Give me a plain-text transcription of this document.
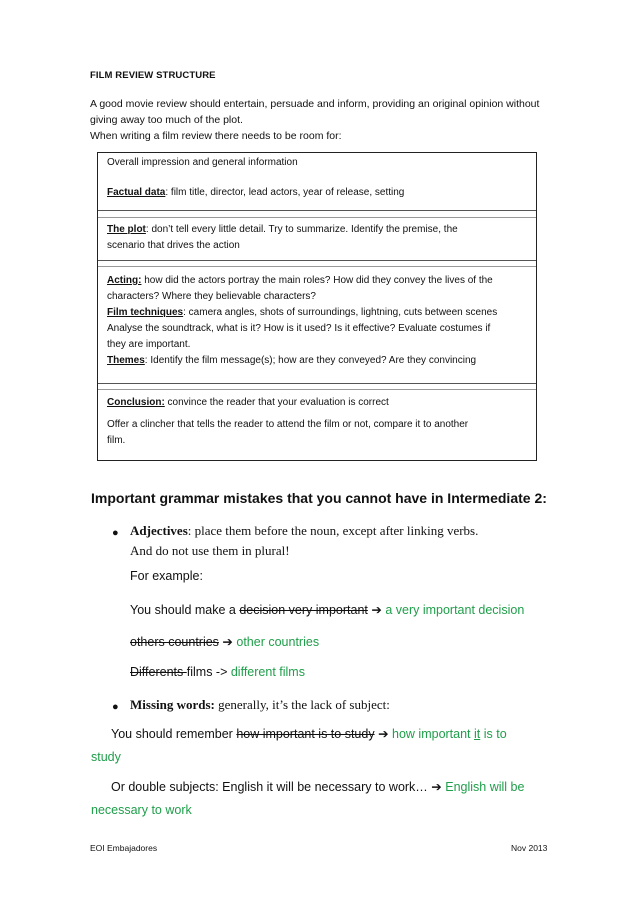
FILM REVIEW STRUCTURE
A good movie review should entertain, persuade and inform, providing an original opinion without
giving away too much of the plot.
When writing a film review there needs to be room for:
Overall impression and general information
Factual data: film title, director, lead actors, year of release, setting
The plot: don’t tell every little detail. Try to summarize. Identify the premise, the
scenario that drives the action
Acting: how did the actors portray the main roles? How did they convey the lives of the
characters? Where they believable characters?
Film techniques: camera angles, shots of surroundings, lightning, cuts between scenes
Analyse the soundtrack, what is it? How is it used? Is it effective? Evaluate costumes if
they are important.
Themes: Identify the film message(s); how are they conveyed? Are they convincing
Conclusion: convince the reader that your evaluation is correct
Offer a clincher that tells the reader to attend the film or not, compare it to another
film.
Important grammar mistakes that you cannot have in Intermediate 2:
● Adjectives: place them before the noun, except after linking verbs.
And do not use them in plural!
For example:
You should make a decision very important ➔ a very important decision
others countries ➔ other countries
Differents films -> different films
● Missing words: generally, it’s the lack of subject:
You should remember how important is to study ➔ how important it is to
study
Or double subjects: English it will be necessary to work… ➔ English will be
necessary to work
EOI Embajadores	Nov 2013
